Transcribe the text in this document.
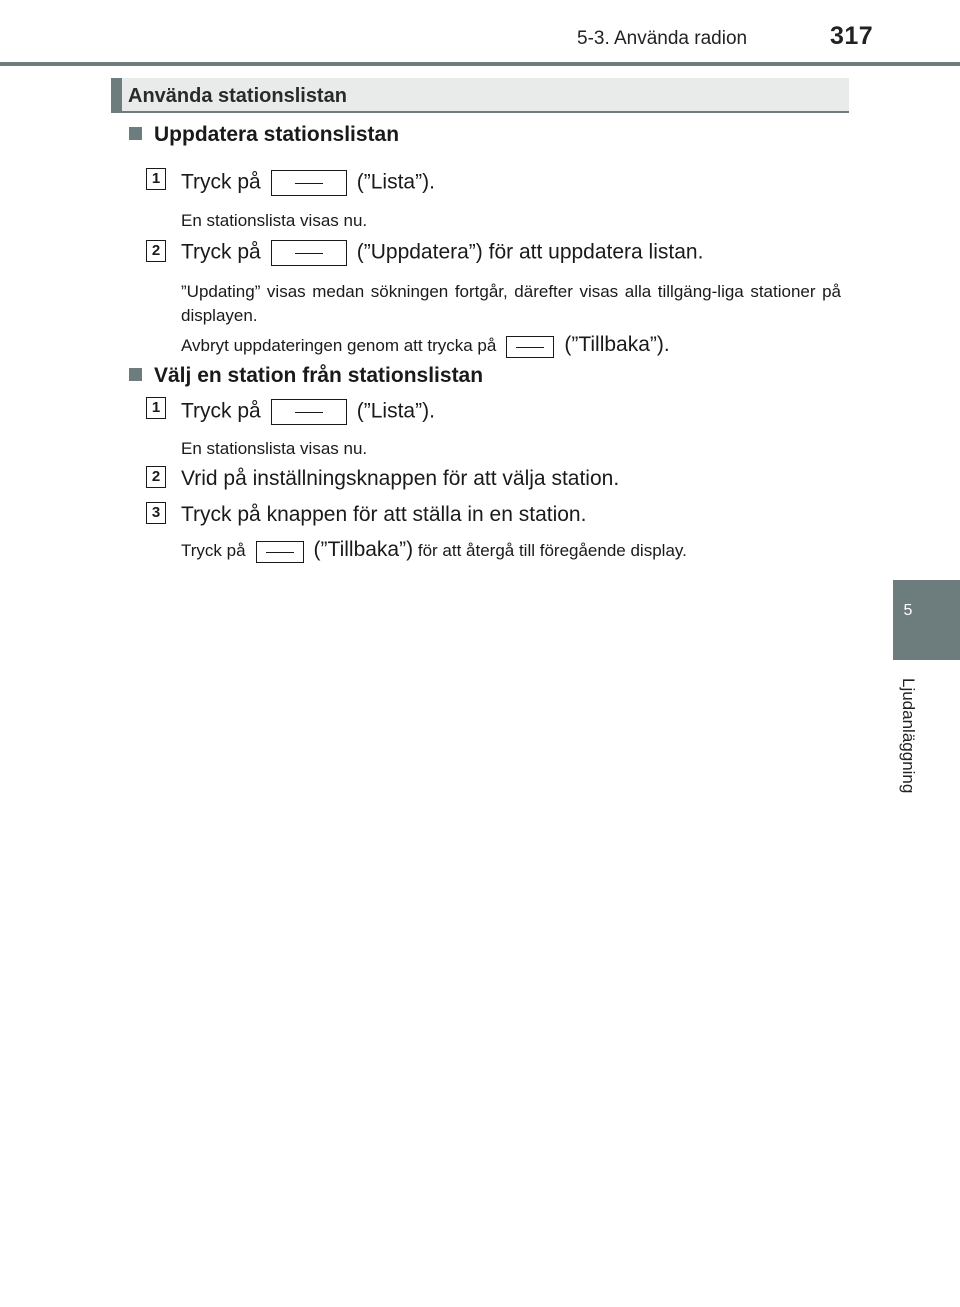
5-3. Använda radion	317
5
Ljudanläggning
Använda stationslistan
Uppdatera stationslistan
1 Tryck på	(”Lista”).
En stationslista visas nu.
2 Tryck på	(”Uppdatera”) för att uppdatera listan.
”Updating” visas medan sökningen fortgår, därefter visas alla tillgäng-liga stationer på displayen.
Avbryt uppdateringen genom att trycka på	(”Tillbaka”).
Välj en station från stationslistan
1 Tryck på	(”Lista”).
En stationslista visas nu.
2 Vrid på inställningsknappen för att välja station.
3 Tryck på knappen för att ställa in en station.
Tryck på	(”Tillbaka”) för att återgå till föregående display.
